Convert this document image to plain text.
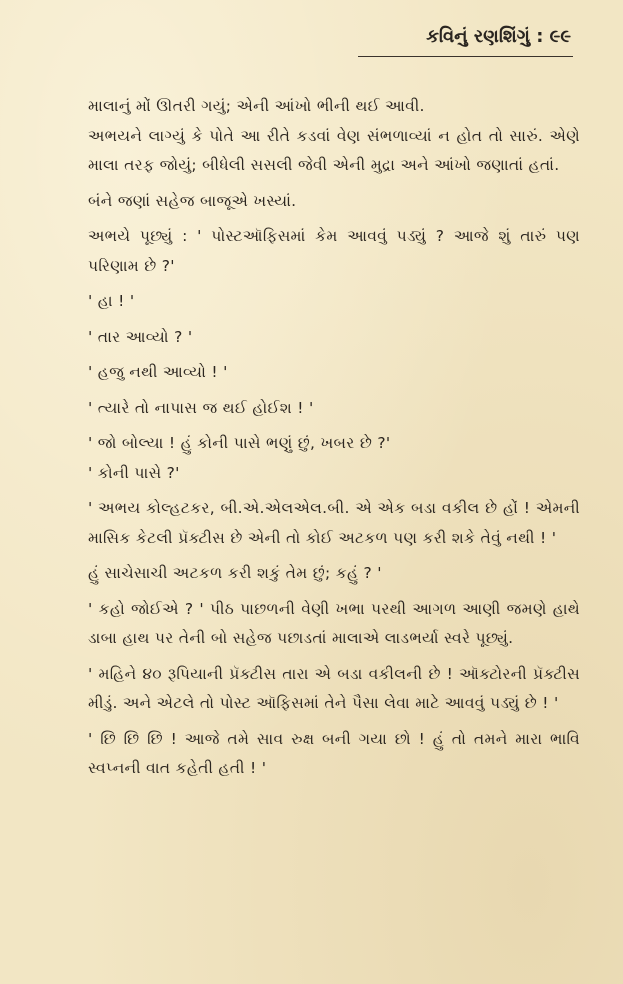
કવિનું રણશિંગું : ૯૯

માલાનું મોં ઊતરી ગયું; એની આંખો ભીની થઈ આવી.

અભયને લાગ્યું કે પોતે આ રીતે કડવાં વેણ સંભળાવ્યાં ન હોત તો સારું. એણે માલા તરફ જોયું; બીધેલી સસલી જેવી એની મુદ્રા અને આંખો જણાતાં હતાં.

બંને જણાં સહેજ બાજૂએ ખસ્યાં.

અભયે પૂછ્યું : ' પોસ્ટઑફિસમાં કેમ આવવું પડ્યું ? આજે શું તારું પણ પરિણામ છે ?'

' હા ! '

' તાર આવ્યો ? '

' હજુ નથી આવ્યો ! '

' ત્યારે તો નાપાસ જ થઈ હોઈશ ! '

' જો બોલ્યા ! હું કોની પાસે ભણું છું, ખબર છે ?'

' કોની પાસે ?'

' અભય કોલ્હટકર, બી.એ.એલએલ.બી. એ એક બડા વકીલ છે હોં ! એમની માસિક કેટલી પ્રૅક્ટીસ છે એની તો કોઈ અટકળ પણ કરી શકે તેવું નથી ! '

હું સાચેસાચી અટકળ કરી શકું તેમ છું; કહું ? '

' કહો જોઈએ ? ' પીઠ પાછળની વેણી ખભા પરથી આગળ આણી જમણે હાથે ડાબા હાથ પર તેની બો સહેજ પછાડતાં માલાએ લાડભર્યા સ્વરે પૂછ્યું.

' મહિને ૪૦ રૂપિયાની પ્રૅક્ટીસ તારા એ બડા વકીલની છે ! ઑક્ટોરની પ્રૅક્ટીસ મીડું. અને એટલે તો પોસ્ટ ઑફિસમાં તેને પૈસા લેવા માટે આવવું પડ્યું છે ! '

' છિ છિ છિ ! આજે તમે સાવ રુક્ષ બની ગયા છો ! હું તો તમને મારા ભાવિ સ્વપ્નની વાત કહેતી હતી ! '
